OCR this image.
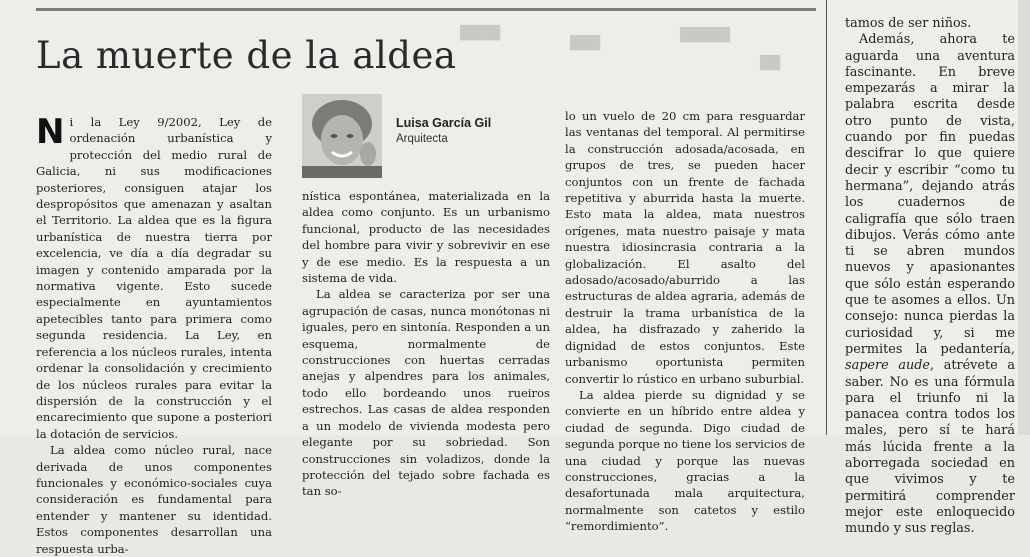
████
███
█████
██
La muerte de la aldea
Luisa García Gil
Arquitecta

Ni la Ley 9/2002, Ley de ordenación urbanística y protección del medio rural de Galicia, ni sus modificaciones posteriores, consiguen atajar los despropósitos que amenazan y asaltan el Territorio. La aldea que es la figura urbanística de nuestra tierra por excelencia, ve día a día degradar su imagen y contenido amparada por la normativa vigente. Esto sucede especialmente en ayuntamientos apetecibles tanto para primera como segunda residencia. La Ley, en referencia a los núcleos rurales, intenta ordenar la consolidación y crecimiento de los núcleos rurales para evitar la dispersión de la construcción y el encarecimiento que supone a posteriori la dotación de servicios.

La aldea como núcleo rural, nace derivada de unos componentes funcionales y económico-sociales cuya consideración es fundamental para entender y mantener su identidad. Estos componentes desarrollan una respuesta urba-

nística espontánea, materializada en la aldea como conjunto. Es un urbanismo funcional, producto de las necesidades del hombre para vivir y sobrevivir en ese y de ese medio. Es la respuesta a un sistema de vida.

La aldea se caracteriza por ser una agrupación de casas, nunca monótonas ni iguales, pero en sintonía. Responden a un esquema, normalmente de construcciones con huertas cerradas anejas y alpendres para los animales, todo ello bordeando unos rueiros estrechos. Las casas de aldea responden a un modelo de vivienda modesta pero elegante por su sobriedad. Son construcciones sin voladizos, donde la protección del tejado sobre fachada es tan so-

lo un vuelo de 20 cm para resguardar las ventanas del temporal. Al permitirse la construcción adosada/acosada, en grupos de tres, se pueden hacer conjuntos con un frente de fachada repetitiva y aburrida hasta la muerte. Esto mata la aldea, mata nuestros orígenes, mata nuestro paisaje y mata nuestra idiosincrasia contraria a la globalización. El asalto del adosado/acosado/aburrido a las estructuras de aldea agraria, además de destruir la trama urbanística de la aldea, ha disfrazado y zaherido la dignidad de estos conjuntos. Este urbanismo oportunista permiten convertir lo rústico en urbano suburbial.

La aldea pierde su dignidad y se convierte en un híbrido entre aldea y ciudad de segunda. Digo ciudad de segunda porque no tiene los servicios de una ciudad y porque las nuevas construcciones, gracias a la desafortunada mala arquitectura, normalmente son catetos y estilo “remordimiento”.

tamos de ser niños.

Además, ahora te aguarda una aventura fascinante. En breve empezarás a mirar la palabra escrita desde otro punto de vista, cuando por fin puedas descifrar lo que quiere decir y escribir “como tu hermana”, dejando atrás los cuadernos de caligrafía que sólo traen dibujos. Verás cómo ante ti se abren mundos nuevos y apasionantes que sólo están esperando que te asomes a ellos. Un consejo: nunca pierdas la curiosidad y, si me permites la pedantería, sapere aude, atrévete a saber. No es una fórmula para el triunfo ni la panacea contra todos los males, pero sí te hará más lúcida frente a la aborregada sociedad en que vivimos y te permitirá comprender mejor este enloquecido mundo y sus reglas.
